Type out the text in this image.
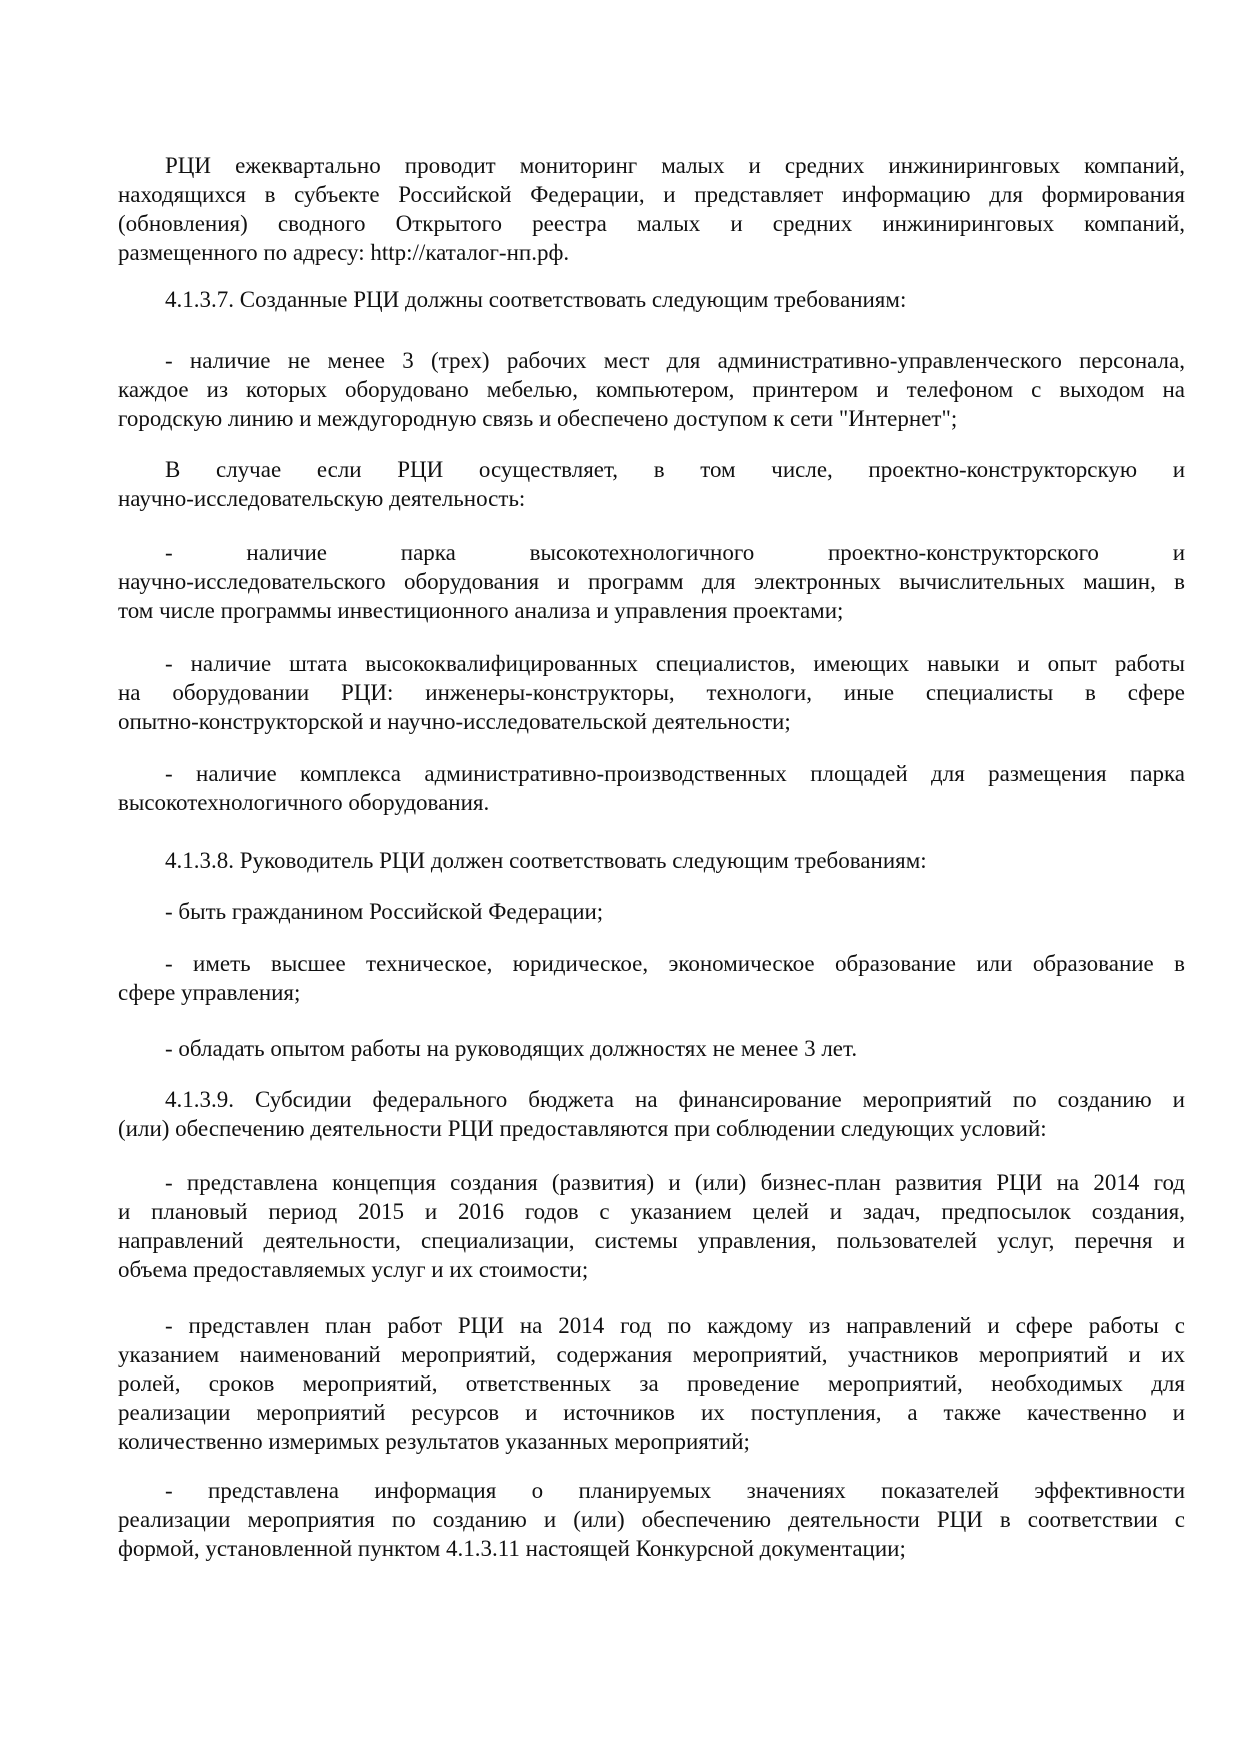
РЦИ ежеквартально проводит мониторинг малых и средних инжиниринговых компаний,
находящихся в субъекте Российской Федерации, и представляет информацию для формирования
(обновления) сводного Открытого реестра малых и средних инжиниринговых компаний,
размещенного по адресу: http://каталог-нп.рф.
4.1.3.7. Созданные РЦИ должны соответствовать следующим требованиям:
- наличие не менее 3 (трех) рабочих мест для административно-управленческого персонала,
каждое из которых оборудовано мебелью, компьютером, принтером и телефоном с выходом на
городскую линию и междугородную связь и обеспечено доступом к сети "Интернет";
В случае если РЦИ осуществляет, в том числе, проектно-конструкторскую и
научно-исследовательскую деятельность:
- наличие парка высокотехнологичного проектно-конструкторского и
научно-исследовательского оборудования и программ для электронных вычислительных машин, в
том числе программы инвестиционного анализа и управления проектами;
- наличие штата высококвалифицированных специалистов, имеющих навыки и опыт работы
на оборудовании РЦИ: инженеры-конструкторы, технологи, иные специалисты в сфере
опытно-конструкторской и научно-исследовательской деятельности;
- наличие комплекса административно-производственных площадей для размещения парка
высокотехнологичного оборудования.
4.1.3.8. Руководитель РЦИ должен соответствовать следующим требованиям:
- быть гражданином Российской Федерации;
- иметь высшее техническое, юридическое, экономическое образование или образование в
сфере управления;
- обладать опытом работы на руководящих должностях не менее 3 лет.
4.1.3.9. Субсидии федерального бюджета на финансирование мероприятий по созданию и
(или) обеспечению деятельности РЦИ предоставляются при соблюдении следующих условий:
- представлена концепция создания (развития) и (или) бизнес-план развития РЦИ на 2014 год
и плановый период 2015 и 2016 годов с указанием целей и задач, предпосылок создания,
направлений деятельности, специализации, системы управления, пользователей услуг, перечня и
объема предоставляемых услуг и их стоимости;
- представлен план работ РЦИ на 2014 год по каждому из направлений и сфере работы с
указанием наименований мероприятий, содержания мероприятий, участников мероприятий и их
ролей, сроков мероприятий, ответственных за проведение мероприятий, необходимых для
реализации мероприятий ресурсов и источников их поступления, а также качественно и
количественно измеримых результатов указанных мероприятий;
- представлена информация о планируемых значениях показателей эффективности
реализации мероприятия по созданию и (или) обеспечению деятельности РЦИ в соответствии с
формой, установленной пунктом 4.1.3.11 настоящей Конкурсной документации;
